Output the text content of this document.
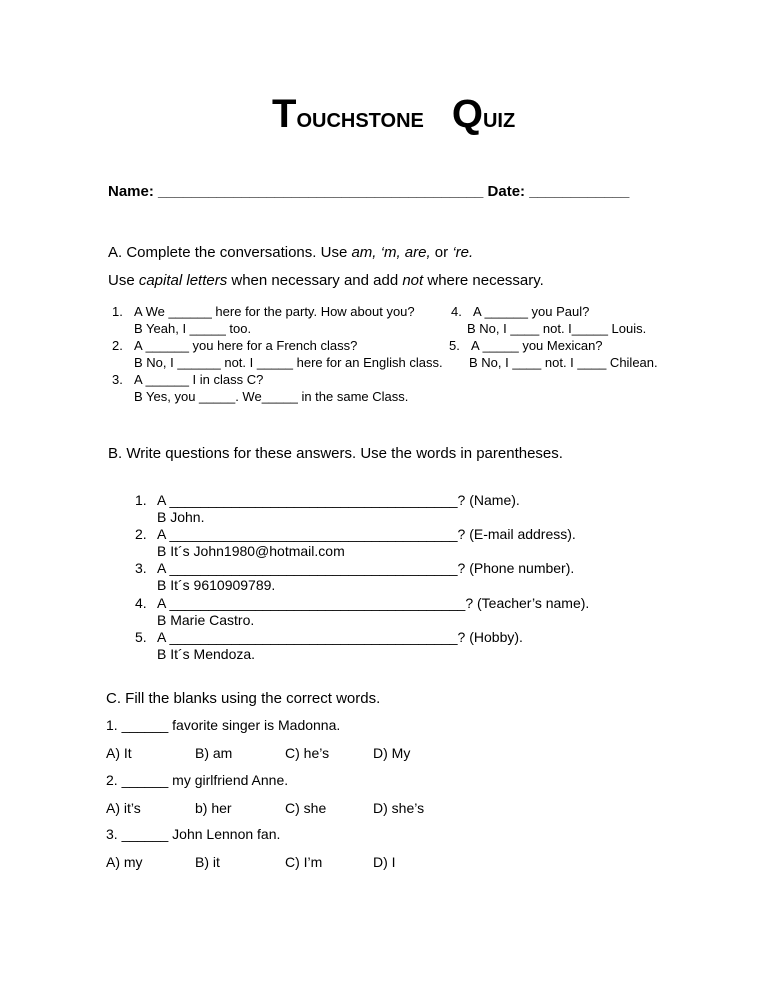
TOUCHSTONE QUIZ
Name: _______________________________________ Date: ____________
A. Complete the conversations. Use am, ‘m, are, or ‘re.
Use capital letters when necessary and add not where necessary.
1. A We ______ here for the party. How about you?
B Yeah, I _____ too.
2. A ______ you here for a French class?
B No, I ______ not. I _____ here for an English class.
3. A ______ I in class C?
B Yes, you _____. We_____ in the same Class.
4. A ______ you Paul?
B No, I ____ not. I_____ Louis.
5. A _____ you Mexican?
B No, I ____ not. I ____ Chilean.
B. Write questions for these answers. Use the words in parentheses.
1. A _____________________________________? (Name).
B John.
2. A _____________________________________? (E-mail address).
B It´s John1980@hotmail.com
3. A _____________________________________? (Phone number).
B It´s 9610909789.
4. A ______________________________________? (Teacher’s name).
B Marie Castro.
5. A _____________________________________? (Hobby).
B It´s Mendoza.
C. Fill the blanks using the correct words.
1. ______ favorite singer is Madonna.
A) It	B) am	C) he’s	D) My
2. ______ my girlfriend Anne.
A) it’s	b) her	C) she	D) she’s
3. ______ John Lennon fan.
A) my	B) it	C) I’m	D) I
